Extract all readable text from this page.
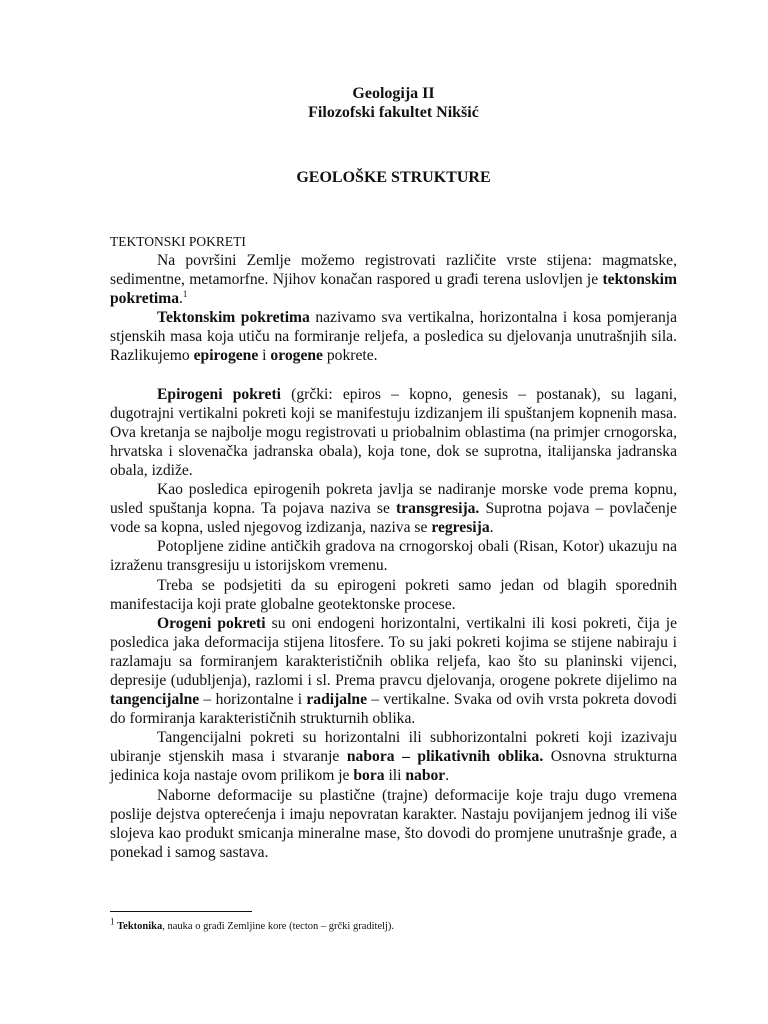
Geologija II

Filozofski fakultet Nikšić

GEOLOŠKE STRUKTURE

TEKTONSKI POKRETI

Na površini Zemlje možemo registrovati različite vrste stijena: magmatske, sedimentne, metamorfne. Njihov konačan raspored u građi terena uslovljen je tektonskim pokretima.$^1$

Tektonskim pokretima nazivamo sva vertikalna, horizontalna i kosa pomjeranja stjenskih masa koja utiču na formiranje reljefa, a posledica su djelovanja unutrašnjih sila. Razlikujemo epirogene i orogene pokrete.

Epirogeni pokreti (grčki: epiros – kopno, genesis – postanak), su lagani, dugotrajni vertikalni pokreti koji se manifestuju izdizanjem ili spuštanjem kopnenih masa. Ova kretanja se najbolje mogu registrovati u priobalnim oblastima (na primjer crnogorska, hrvatska i slovenačka jadranska obala), koja tone, dok se suprotna, italijanska jadranska obala, izdiže.

Kao posledica epirogenih pokreta javlja se nadiranje morske vode prema kopnu, usled spuštanja kopna. Ta pojava naziva se transgresija. Suprotna pojava – povlačenje vode sa kopna, usled njegovog izdizanja, naziva se regresija.

Potopljene zidine antičkih gradova na crnogorskoj obali (Risan, Kotor) ukazuju na izraženu transgresiju u istorijskom vremenu.

Treba se podsjetiti da su epirogeni pokreti samo jedan od blagih sporednih manifestacija koji prate globalne geotektonske procese.

Orogeni pokreti su oni endogeni horizontalni, vertikalni ili kosi pokreti, čija je posledica jaka deformacija stijena litosfere. To su jaki pokreti kojima se stijene nabiraju i razlamaju sa formiranjem karakterističnih oblika reljefa, kao što su planinski vijenci, depresije (udubljenja), razlomi i sl. Prema pravcu djelovanja, orogene pokrete dijelimo na tangencijalne – horizontalne i radijalne – vertikalne. Svaka od ovih vrsta pokreta dovodi do formiranja karakterističnih strukturnih oblika.

Tangencijalni pokreti su horizontalni ili subhorizontalni pokreti koji izazivaju ubiranje stjenskih masa i stvaranje nabora – plikativnih oblika. Osnovna strukturna jedinica koja nastaje ovom prilikom je bora ili nabor.

Naborne deformacije su plastične (trajne) deformacije koje traju dugo vremena poslije dejstva opterećenja i imaju nepovratan karakter. Nastaju povijanjem jednog ili više slojeva kao produkt smicanja mineralne mase, što dovodi do promjene unutrašnje građe, a ponekad i samog sastava.

$^1$ Tektonika, nauka o građi Zemljine kore (tecton – grčki graditelj).
